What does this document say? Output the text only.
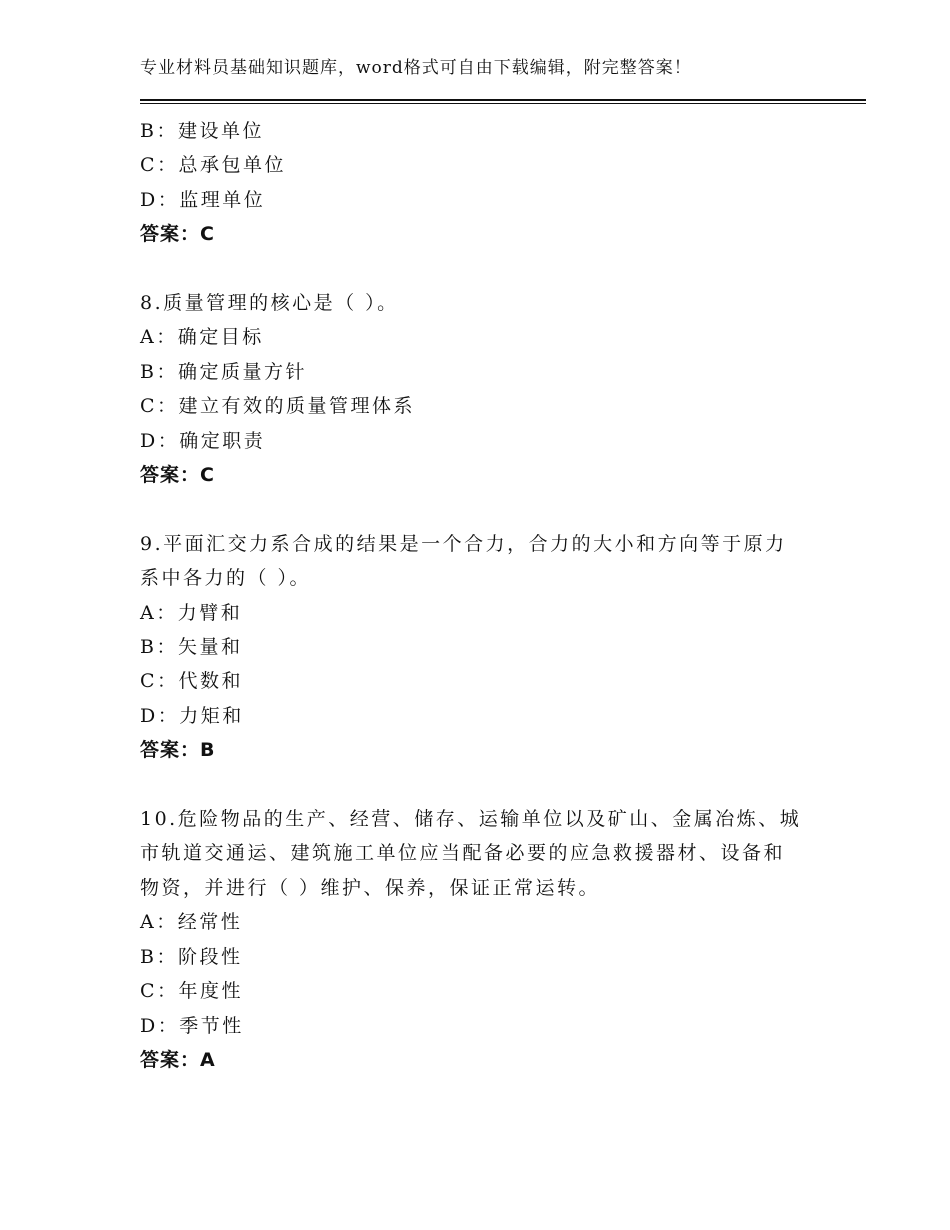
专业材料员基础知识题库，word格式可自由下载编辑，附完整答案！
B：建设单位
C：总承包单位
D：监理单位
答案：C
8.质量管理的核心是（ ）。
A：确定目标
B：确定质量方针
C：建立有效的质量管理体系
D：确定职责
答案：C
9.平面汇交力系合成的结果是一个合力，合力的大小和方向等于原力
系中各力的（ ）。
A：力臂和
B：矢量和
C：代数和
D：力矩和
答案：B
10.危险物品的生产、经营、储存、运输单位以及矿山、金属冶炼、城
市轨道交通运、建筑施工单位应当配备必要的应急救援器材、设备和
物资，并进行（ ）维护、保养，保证正常运转。
A：经常性
B：阶段性
C：年度性
D：季节性
答案：A
